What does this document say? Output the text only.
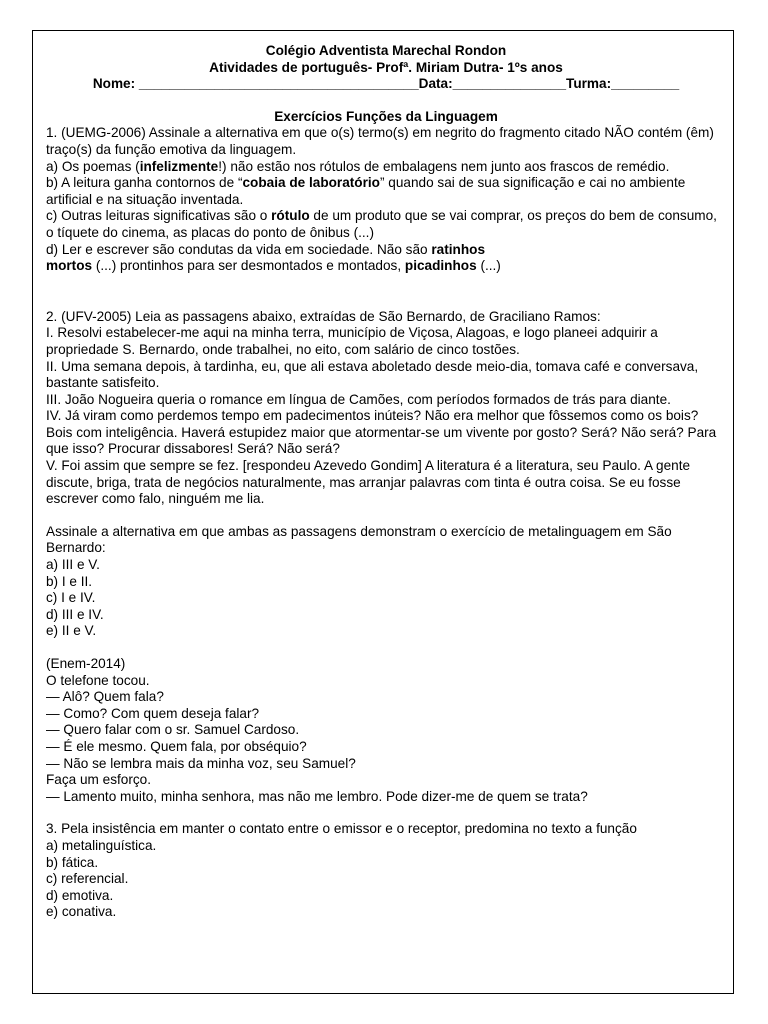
Colégio Adventista Marechal Rondon

Atividades de português- Profª. Miriam Dutra- 1ºs anos

Nome: _____________________________________Data:_______________Turma:_________

Exercícios Funções da Linguagem

1. (UEMG-2006) Assinale a alternativa em que o(s) termo(s) em negrito do fragmento citado NÃO contém (êm) traço(s) da função emotiva da linguagem.

a) Os poemas (infelizmente!) não estão nos rótulos de embalagens nem junto aos frascos de remédio.

b) A leitura ganha contornos de “cobaia de laboratório” quando sai de sua significação e cai no ambiente artificial e na situação inventada.

c) Outras leituras significativas são o rótulo de um produto que se vai comprar, os preços do bem de consumo, o tíquete do cinema, as placas do ponto de ônibus (...)

d) Ler e escrever são condutas da vida em sociedade. Não são ratinhos
mortos (...) prontinhos para ser desmontados e montados, picadinhos (...)

2. (UFV-2005) Leia as passagens abaixo, extraídas de São Bernardo, de Graciliano Ramos:

I. Resolvi estabelecer-me aqui na minha terra, município de Viçosa, Alagoas, e logo planeei adquirir a propriedade S. Bernardo, onde trabalhei, no eito, com salário de cinco tostões.

II. Uma semana depois, à tardinha, eu, que ali estava aboletado desde meio-dia, tomava café e conversava, bastante satisfeito.

III. João Nogueira queria o romance em língua de Camões, com períodos formados de trás para diante.

IV. Já viram como perdemos tempo em padecimentos inúteis? Não era melhor que fôssemos como os bois? Bois com inteligência. Haverá estupidez maior que atormentar-se um vivente por gosto? Será? Não será? Para que isso? Procurar dissabores! Será? Não será?

V. Foi assim que sempre se fez. [respondeu Azevedo Gondim] A literatura é a literatura, seu Paulo. A gente discute, briga, trata de negócios naturalmente, mas arranjar palavras com tinta é outra coisa. Se eu fosse escrever como falo, ninguém me lia.

Assinale a alternativa em que ambas as passagens demonstram o exercício de metalinguagem em São Bernardo:

a) III e V.

b) I e II.

c) I e IV.

d) III e IV.

e) II e V.

(Enem-2014)

O telefone tocou.

— Alô? Quem fala?

— Como? Com quem deseja falar?

— Quero falar com o sr. Samuel Cardoso.

— É ele mesmo. Quem fala, por obséquio?

— Não se lembra mais da minha voz, seu Samuel?

Faça um esforço.

— Lamento muito, minha senhora, mas não me lembro. Pode dizer-me de quem se trata?

3. Pela insistência em manter o contato entre o emissor e o receptor, predomina no texto a função

a) metalinguística.

b) fática.

c) referencial.

d) emotiva.

e) conativa.
